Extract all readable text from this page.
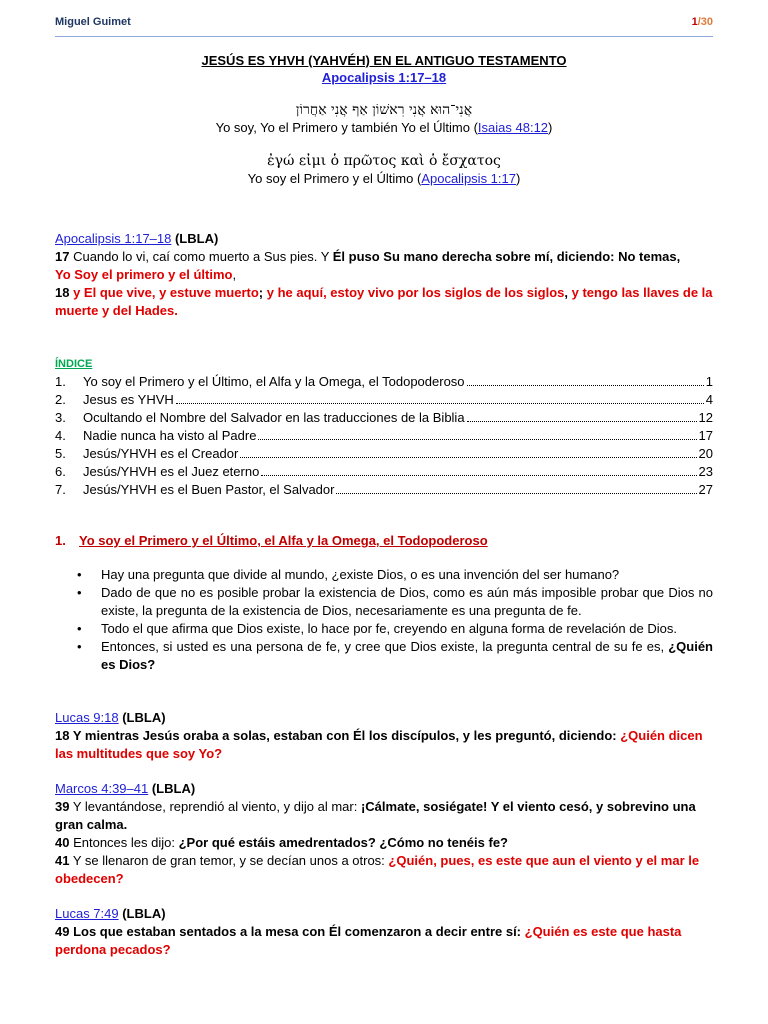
Miguel Guimet	1/30
JESÚS ES YHVH (YAHVÉH) EN EL ANTIGUO TESTAMENTO
Apocalipsis 1:17–18
אֲנִי־הוּא אֲנִי רִאשׁוֹן אַף אֲנִי אַחֲרוֹן
Yo soy, Yo el Primero y también Yo el Último (Isaias 48:12)
ἐγώ εἰμι ὁ πρῶτος καὶ ὁ ἔσχατος
Yo soy el Primero y el Último (Apocalipsis 1:17)
Apocalipsis 1:17–18 (LBLA)
17 Cuando lo vi, caí como muerto a Sus pies. Y Él puso Su mano derecha sobre mí, diciendo: No temas,
Yo Soy el primero y el último,
18 y El que vive, y estuve muerto; y he aquí, estoy vivo por los siglos de los siglos, y tengo las llaves de la muerte y del Hades.
ÍNDICE
1.	Yo soy el Primero y el Último, el Alfa y la Omega, el Todopoderoso	1
2.	Jesus es YHVH	4
3.	Ocultando el Nombre del Salvador en las traducciones de la Biblia	12
4.	Nadie nunca ha visto al Padre	17
5.	Jesús/YHVH es el Creador	20
6.	Jesús/YHVH es el Juez eterno	23
7.	Jesús/YHVH es el Buen Pastor, el Salvador	27
1. Yo soy el Primero y el Último, el Alfa y la Omega, el Todopoderoso
• Hay una pregunta que divide al mundo, ¿existe Dios, o es una invención del ser humano?
• Dado de que no es posible probar la existencia de Dios, como es aún más imposible probar que Dios no existe, la pregunta de la existencia de Dios, necesariamente es una pregunta de fe.
• Todo el que afirma que Dios existe, lo hace por fe, creyendo en alguna forma de revelación de Dios.
• Entonces, si usted es una persona de fe, y cree que Dios existe, la pregunta central de su fe es, ¿Quién es Dios?
Lucas 9:18 (LBLA)
18 Y mientras Jesús oraba a solas, estaban con Él los discípulos, y les preguntó, diciendo: ¿Quién dicen las multitudes que soy Yo?
Marcos 4:39–41 (LBLA)
39 Y levantándose, reprendió al viento, y dijo al mar: ¡Cálmate, sosiégate! Y el viento cesó, y sobrevino una gran calma.
40 Entonces les dijo: ¿Por qué estáis amedrentados? ¿Cómo no tenéis fe?
41 Y se llenaron de gran temor, y se decían unos a otros: ¿Quién, pues, es este que aun el viento y el mar le obedecen?
Lucas 7:49 (LBLA)
49 Los que estaban sentados a la mesa con Él comenzaron a decir entre sí: ¿Quién es este que hasta perdona pecados?
